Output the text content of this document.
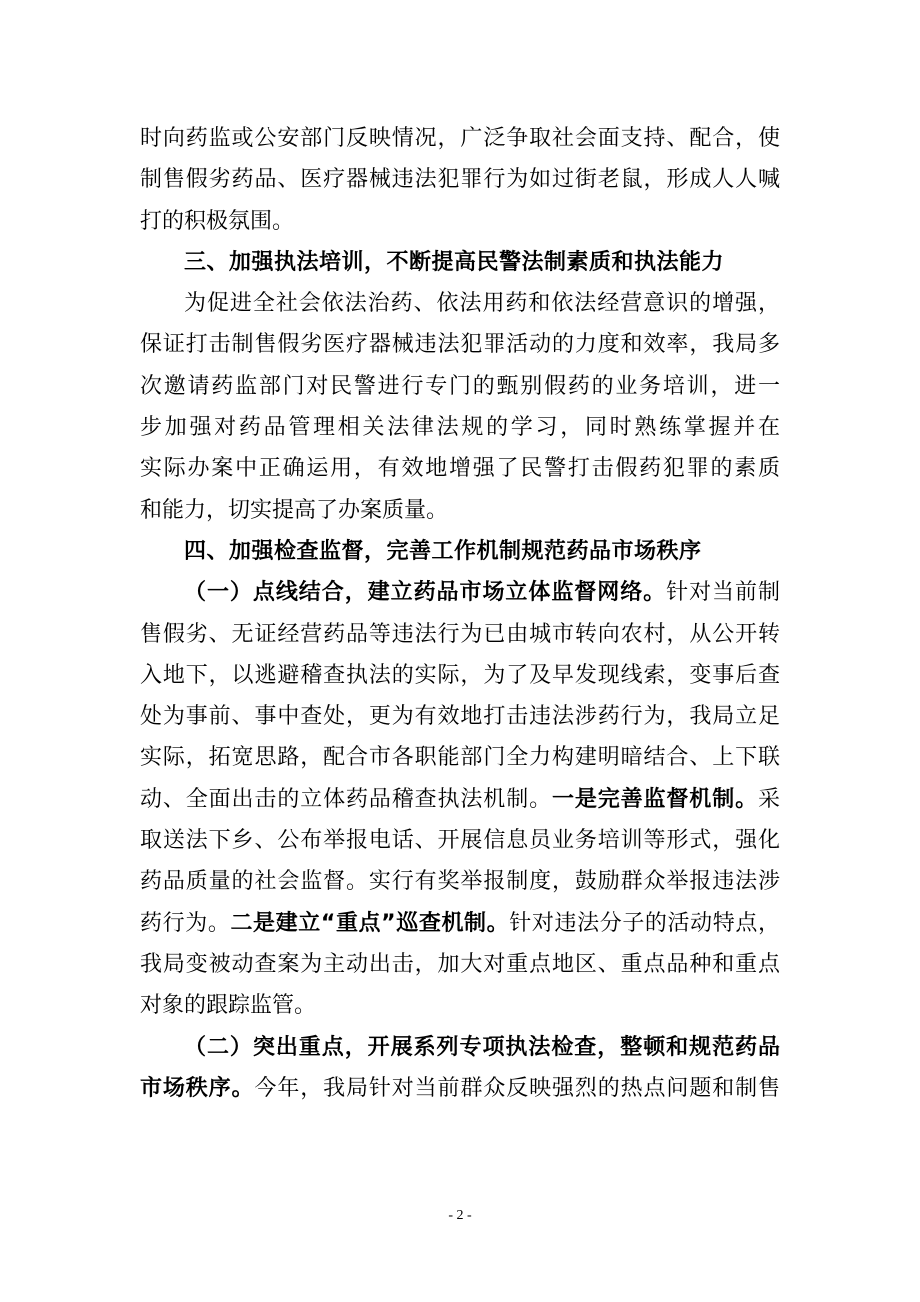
时向药监或公安部门反映情况，广泛争取社会面支持、配合，使
制售假劣药品、医疗器械违法犯罪行为如过街老鼠，形成人人喊
打的积极氛围。
三、加强执法培训，不断提高民警法制素质和执法能力
为促进全社会依法治药、依法用药和依法经营意识的增强，
保证打击制售假劣医疗器械违法犯罪活动的力度和效率，我局多
次邀请药监部门对民警进行专门的甄别假药的业务培训，进一
步加强对药品管理相关法律法规的学习，同时熟练掌握并在
实际办案中正确运用，有效地增强了民警打击假药犯罪的素质
和能力，切实提高了办案质量。
四、加强检查监督，完善工作机制规范药品市场秩序
（一）点线结合，建立药品市场立体监督网络。针对当前制
售假劣、无证经营药品等违法行为已由城市转向农村，从公开转
入地下，以逃避稽查执法的实际，为了及早发现线索，变事后查
处为事前、事中查处，更为有效地打击违法涉药行为，我局立足
实际，拓宽思路，配合市各职能部门全力构建明暗结合、上下联
动、全面出击的立体药品稽查执法机制。一是完善监督机制。采
取送法下乡、公布举报电话、开展信息员业务培训等形式，强化
药品质量的社会监督。实行有奖举报制度，鼓励群众举报违法涉
药行为。二是建立“重点”巡查机制。针对违法分子的活动特点，
我局变被动查案为主动出击，加大对重点地区、重点品种和重点
对象的跟踪监管。
（二）突出重点，开展系列专项执法检查，整顿和规范药品
市场秩序。今年，我局针对当前群众反映强烈的热点问题和制售
- 2 -
